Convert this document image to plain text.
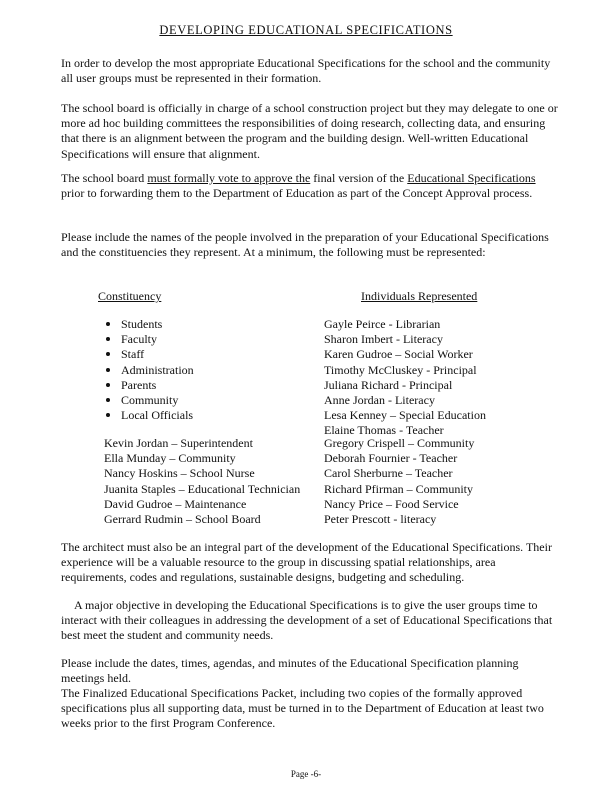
DEVELOPING EDUCATIONAL SPECIFICATIONS

In order to develop the most appropriate Educational Specifications for the school and the community all user groups must be represented in their formation.

The school board is officially in charge of a school construction project but they may delegate to one or more ad hoc building committees the responsibilities of doing research, collecting data, and ensuring that there is an alignment between the program and the building design. Well-written Educational Specifications will ensure that alignment.

The school board must formally vote to approve the final version of the Educational Specifications prior to forwarding them to the Department of Education as part of the Concept Approval process.

Please include the names of the people involved in the preparation of your Educational Specifications and the constituencies they represent. At a minimum, the following must be represented:

Constituency	Individuals Represented
Students
Faculty
Staff
Administration
Parents
Community
Local Officials
Gayle Peirce - Librarian
Sharon Imbert - Literacy
Karen Gudroe – Social Worker
Timothy McCluskey - Principal
Juliana Richard - Principal
Anne Jordan - Literacy
Lesa Kenney – Special Education
Elaine Thomas - Teacher
Kevin Jordan – Superintendent
Ella Munday – Community
Nancy Hoskins – School Nurse
Juanita Staples – Educational Technician
David Gudroe – Maintenance
Gerrard Rudmin – School Board
Gregory Crispell – Community
Deborah Fournier - Teacher
Carol Sherburne – Teacher
Richard Pfirman – Community
Nancy Price – Food Service
Peter Prescott - literacy

The architect must also be an integral part of the development of the Educational Specifications. Their experience will be a valuable resource to the group in discussing spatial relationships, area requirements, codes and regulations, sustainable designs, budgeting and scheduling.

A major objective in developing the Educational Specifications is to give the user groups time to interact with their colleagues in addressing the development of a set of Educational Specifications that best meet the student and community needs.

Please include the dates, times, agendas, and minutes of the Educational Specification planning meetings held.

The Finalized Educational Specifications Packet, including two copies of the formally approved specifications plus all supporting data, must be turned in to the Department of Education at least two weeks prior to the first Program Conference.

Page -6-
